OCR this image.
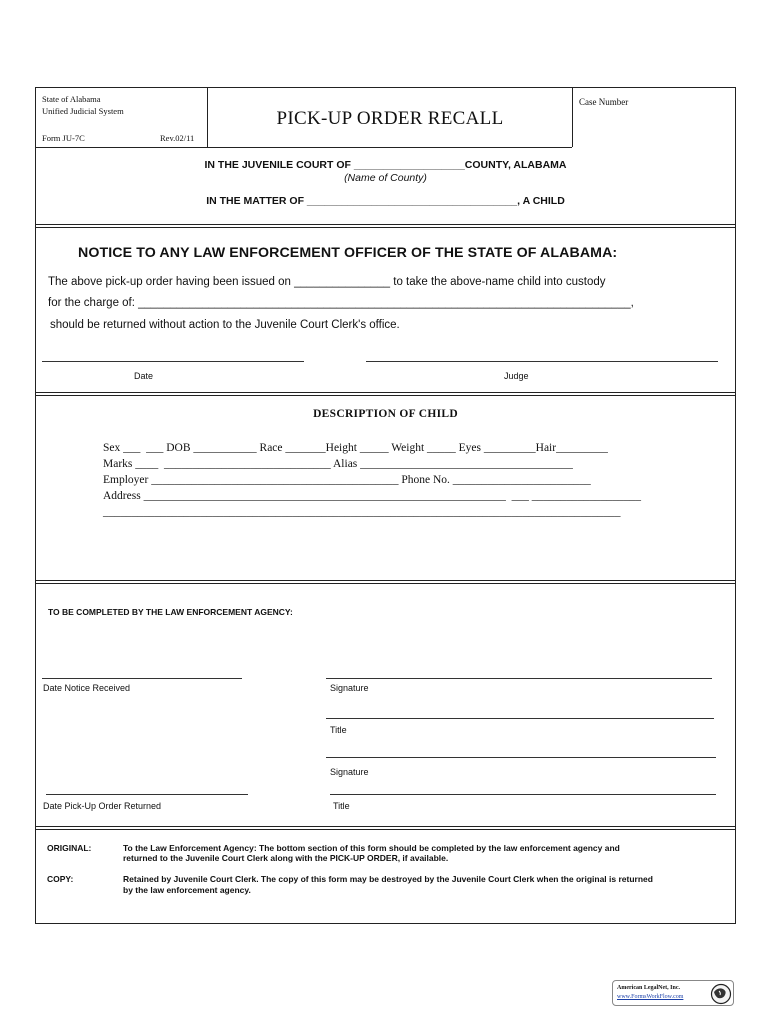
State of Alabama
Unified Judicial System
Form JU-7C	Rev.02/11
PICK-UP ORDER RECALL
Case Number
IN THE JUVENILE COURT OF ___________________COUNTY, ALABAMA
(Name of County)
IN THE MATTER OF ____________________________________, A CHILD
NOTICE TO ANY LAW ENFORCEMENT OFFICER OF THE STATE OF ALABAMA:
The above pick-up order having been issued on _______________ to take the above-name child into custody
for the charge of: _____________________________________________________________________________,
should be returned without action to the Juvenile Court Clerk's office.
Date	Judge
DESCRIPTION OF CHILD
Sex ___  ___ DOB ___________ Race _______Height _____ Weight _____ Eyes _________Hair_________
Marks ____  _____________________________ Alias _____________________________________
Employer ___________________________________________ Phone No. ________________________
Address _______________________________________________________________  ___ ___________________
__________________________________________________________________________________________
TO BE COMPLETED BY THE LAW ENFORCEMENT AGENCY:
Date Notice Received	Signature
Title
Signature
Date Pick-Up Order Returned	Title
ORIGINAL:	To the Law Enforcement Agency: The bottom section of this form should be completed by the law enforcement agency and
returned to the Juvenile Court Clerk along with the PICK-UP ORDER, if available.
COPY:	Retained by Juvenile Court Clerk. The copy of this form may be destroyed by the Juvenile Court Clerk when the original is returned
by the law enforcement agency.
American LegalNet, Inc.
www.FormsWorkFlow.com
